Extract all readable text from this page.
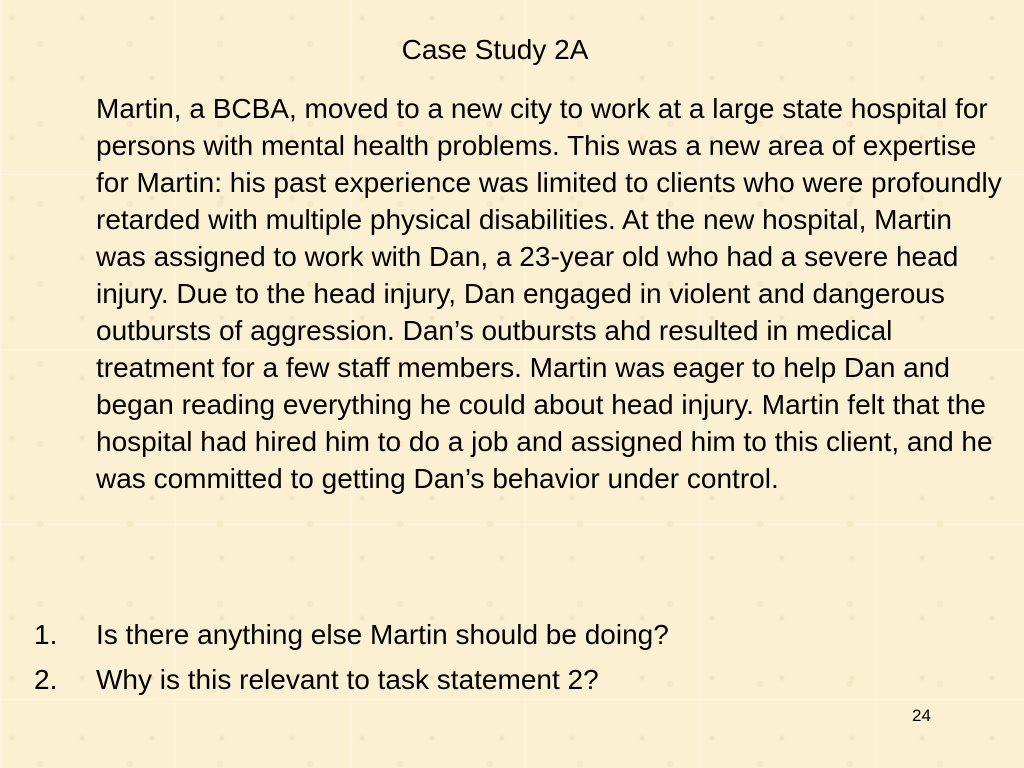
Case Study 2A

Martin, a BCBA, moved to a new city to work at a large state hospital for persons with mental health problems. This was a new area of expertise for Martin: his past experience was limited to clients who were profoundly retarded with multiple physical disabilities. At the new hospital, Martin was assigned to work with Dan, a 23-year old who had a severe head injury. Due to the head injury, Dan engaged in violent and dangerous outbursts of aggression. Dan’s outbursts ahd resulted in medical treatment for a few staff members. Martin was eager to help Dan and began reading everything he could about head injury. Martin felt that the hospital had hired him to do a job and assigned him to this client, and he was committed to getting Dan’s behavior under control.

1.	Is there anything else Martin should be doing?
2.	Why is this relevant to task statement 2?
24
